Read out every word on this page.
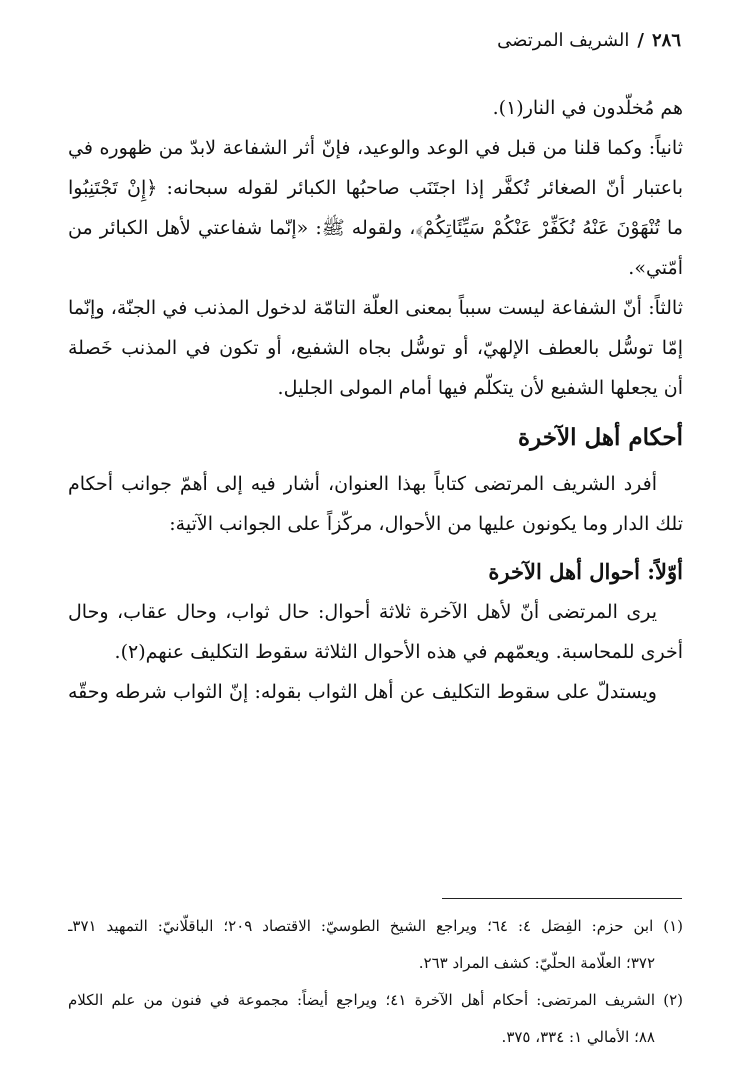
٢٨٦
/
الشريف المرتضى
هم مُخلّدون في النار(١).
ثانياً: وكما قلنا من قبل في الوعد والوعيد، فإنّ أثر الشفاعة لابدّ من ظهوره في
باعتبار أنّ الصغائر تُكفَّر إذا اجتَنَب صاحبُها الكبائر لقوله سبحانه: ﴿إِنْ تَجْتَنِبُوا
ما تُنْهَوْنَ عَنْهُ نُكَفِّرْ عَنْكُمْ سَيِّئَاتِكُمْ﴾، ولقوله ﷺ: «إنّما شفاعتي لأهل الكبائر من
أمّتي».
ثالثاً: أنّ الشفاعة ليست سبباً بمعنى العلّة التامّة لدخول المذنب في الجنّة، وإنّما
إمّا توسُّل بالعطف الإلهيّ، أو توسُّل بجاه الشفيع، أو تكون في المذنب خَصلة
أن يجعلها الشفيع لأن يتكلّم فيها أمام المولى الجليل.
أحكام أهل الآخرة
أفرد الشريف المرتضى كتاباً بهذا العنوان، أشار فيه إلى أهمّ جوانب أحكام
تلك الدار وما يكونون عليها من الأحوال، مركّزاً على الجوانب الآتية:
أوّلاً: أحوال أهل الآخرة
يرى المرتضى أنّ لأهل الآخرة ثلاثة أحوال: حال ثواب، وحال عقاب، وحال
أخرى للمحاسبة. ويعمّهم في هذه الأحوال الثلاثة سقوط التكليف عنهم(٢).
ويستدلّ على سقوط التكليف عن أهل الثواب بقوله: إنّ الثواب شرطه وحقّه
(١) ابن حزم: الفِصَل ٤: ٦٤؛ ويراجع الشيخ الطوسيّ: الاقتصاد ٢٠٩؛ الباقلّانيّ: التمهيد ٣٧١ـ
٣٧٢؛ العلّامة الحلّيّ: كشف المراد ٢٦٣.
(٢) الشريف المرتضى: أحكام أهل الآخرة ٤١؛ ويراجع أيضاً: مجموعة في فنون من علم الكلام
٨٨؛ الأمالي ١: ٣٣٤، ٣٧٥.
